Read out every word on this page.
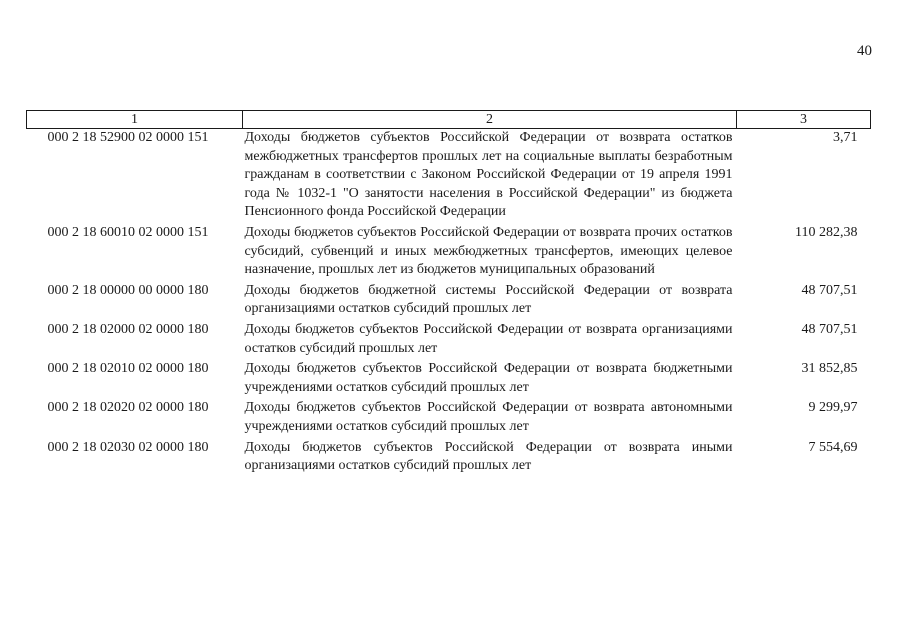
40
1	2	3
000 2 18 52900 02 0000 151	Доходы бюджетов субъектов Российской Федерации от возврата остатков межбюджетных трансфертов прошлых лет на социальные выплаты безработным гражданам в соответствии с Законом Российской Федерации от 19 апреля 1991 года № 1032-1 "О занятости населения в Российской Федерации" из бюджета Пенсионного фонда Российской Федерации	3,71
000 2 18 60010 02 0000 151	Доходы бюджетов субъектов Российской Федерации от возврата прочих остатков субсидий, субвенций и иных межбюджетных трансфертов, имеющих целевое назначение, прошлых лет из бюджетов муниципальных образований	110 282,38
000 2 18 00000 00 0000 180	Доходы бюджетов бюджетной системы Российской Федерации от возврата организациями остатков субсидий прошлых лет	48 707,51
000 2 18 02000 02 0000 180	Доходы бюджетов субъектов Российской Федерации от возврата организациями остатков субсидий прошлых лет	48 707,51
000 2 18 02010 02 0000 180	Доходы бюджетов субъектов Российской Федерации от возврата бюджетными учреждениями остатков субсидий прошлых лет	31 852,85
000 2 18 02020 02 0000 180	Доходы бюджетов субъектов Российской Федерации от возврата автономными учреждениями остатков субсидий прошлых лет	9 299,97
000 2 18 02030 02 0000 180	Доходы бюджетов субъектов Российской Федерации от возврата иными организациями остатков субсидий прошлых лет	7 554,69
